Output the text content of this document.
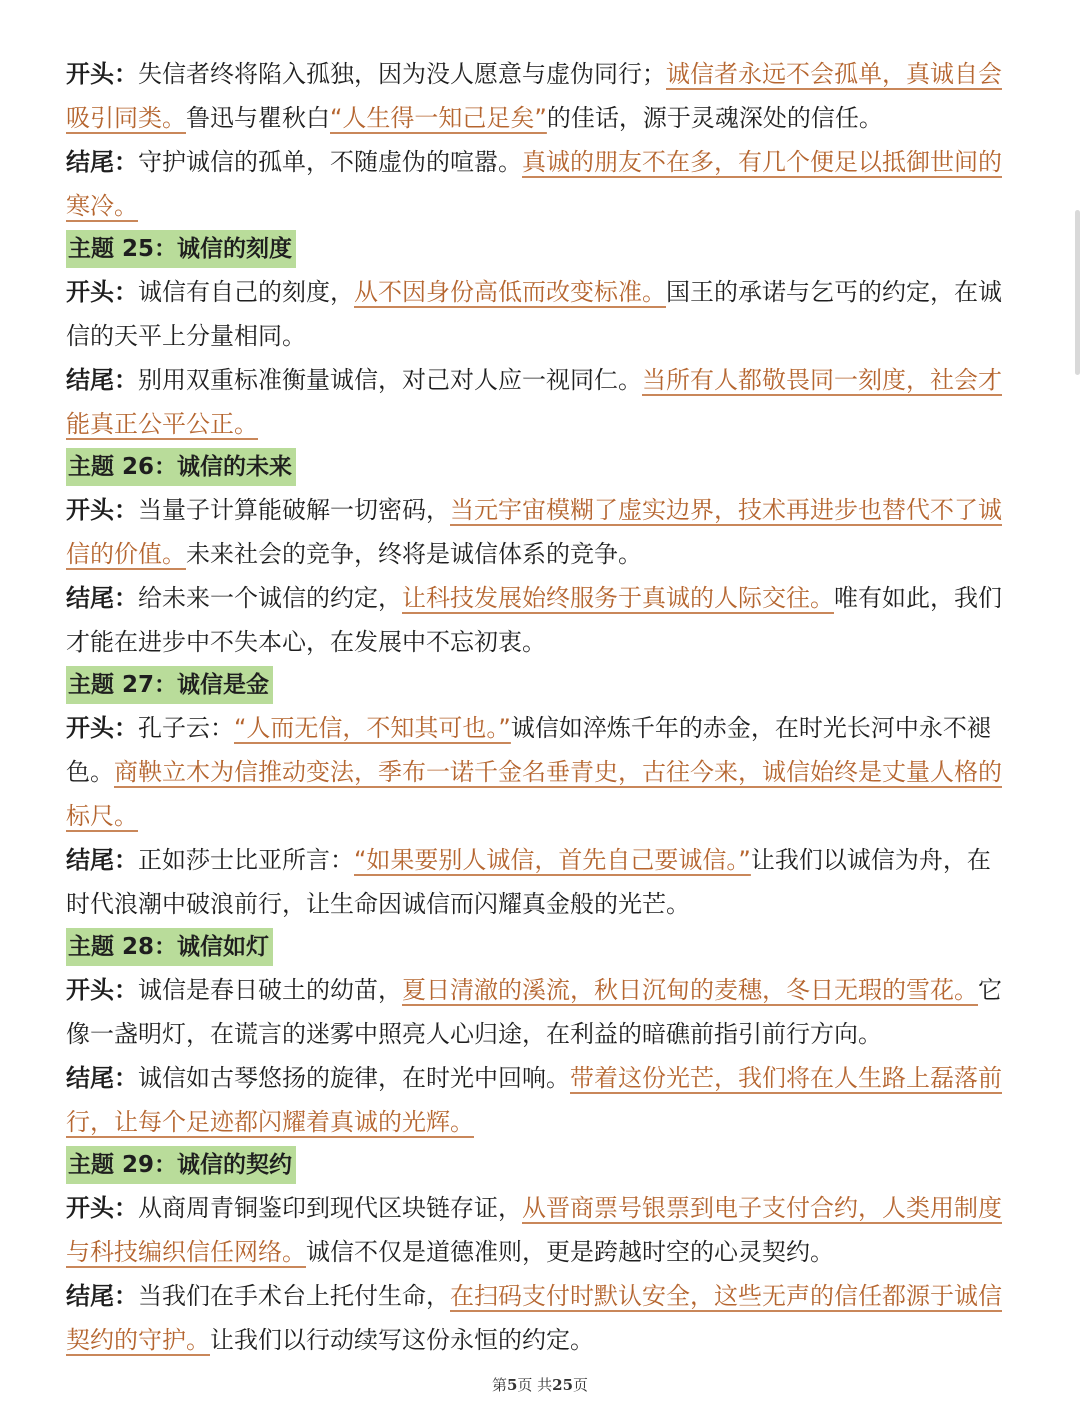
开头：失信者终将陷入孤独，因为没人愿意与虚伪同行；诚信者永远不会孤单，真诚自会吸引同类。鲁迅与瞿秋白“人生得一知己足矣”的佳话，源于灵魂深处的信任。

结尾：守护诚信的孤单，不随虚伪的喧嚣。真诚的朋友不在多，有几个便足以抵御世间的寒冷。

主题 25：诚信的刻度

开头：诚信有自己的刻度，从不因身份高低而改变标准。国王的承诺与乞丐的约定，在诚信的天平上分量相同。

结尾：别用双重标准衡量诚信，对己对人应一视同仁。当所有人都敬畏同一刻度，社会才能真正公平公正。

主题 26：诚信的未来

开头：当量子计算能破解一切密码，当元宇宙模糊了虚实边界，技术再进步也替代不了诚信的价值。未来社会的竞争，终将是诚信体系的竞争。

结尾：给未来一个诚信的约定，让科技发展始终服务于真诚的人际交往。唯有如此，我们才能在进步中不失本心，在发展中不忘初衷。

主题 27：诚信是金

开头：孔子云：“人而无信，不知其可也。”诚信如淬炼千年的赤金，在时光长河中永不褪色。商鞅立木为信推动变法，季布一诺千金名垂青史，古往今来，诚信始终是丈量人格的标尺。

结尾：正如莎士比亚所言：“如果要别人诚信，首先自己要诚信。”让我们以诚信为舟，在时代浪潮中破浪前行，让生命因诚信而闪耀真金般的光芒。

主题 28：诚信如灯

开头：诚信是春日破土的幼苗，夏日清澈的溪流，秋日沉甸的麦穗，冬日无瑕的雪花。它像一盏明灯，在谎言的迷雾中照亮人心归途，在利益的暗礁前指引前行方向。

结尾：诚信如古琴悠扬的旋律，在时光中回响。带着这份光芒，我们将在人生路上磊落前行，让每个足迹都闪耀着真诚的光辉。

主题 29：诚信的契约

开头：从商周青铜鉴印到现代区块链存证，从晋商票号银票到电子支付合约，人类用制度与科技编织信任网络。诚信不仅是道德准则，更是跨越时空的心灵契约。

结尾：当我们在手术台上托付生命，在扫码支付时默认安全，这些无声的信任都源于诚信契约的守护。让我们以行动续写这份永恒的约定。

第5页 共25页
